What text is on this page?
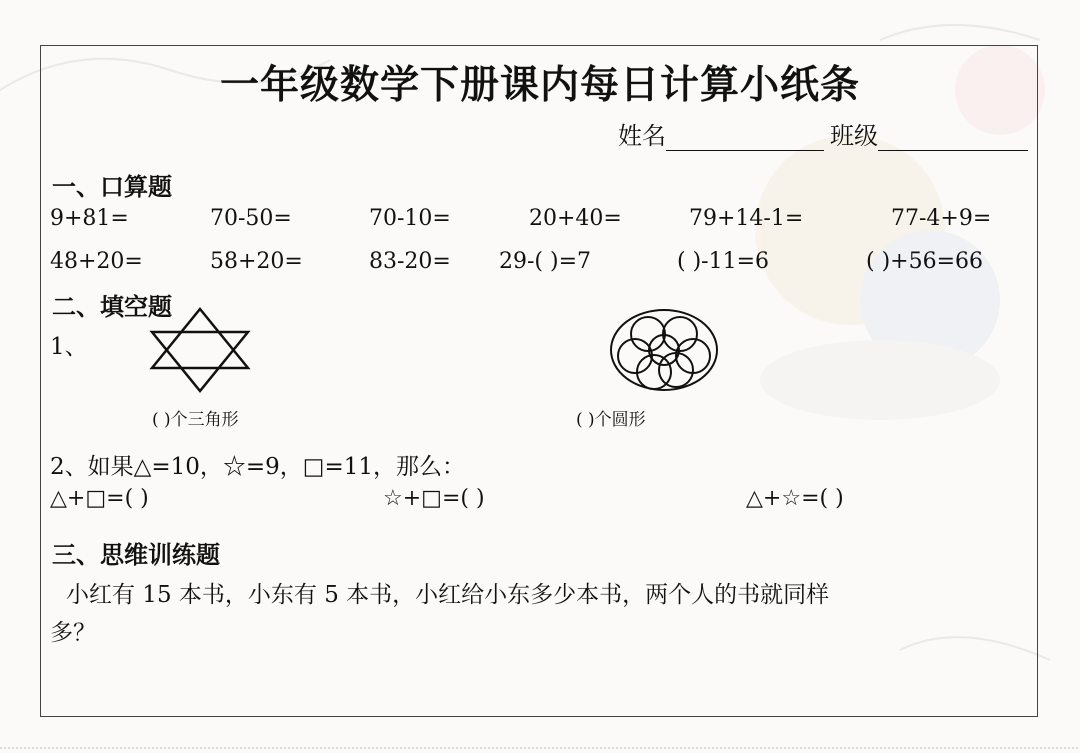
一年级数学下册课内每日计算小纸条
姓名	班级
一、口算题
9+81=	70-50=	70-10=	20+40=	79+14-1=	77-4+9=
48+20=	58+20=	83-20= 29-( )=7	( )-11=6	( )+56=66
二、填空题
1、
( )个三角形	( )个圆形
2、如果△=10，☆=9，□=11，那么：
△+□=( )	☆+□=( )	△+☆=( )
三、思维训练题
小红有 15 本书，小东有 5 本书，小红给小东多少本书，两个人的书就同样
多？
